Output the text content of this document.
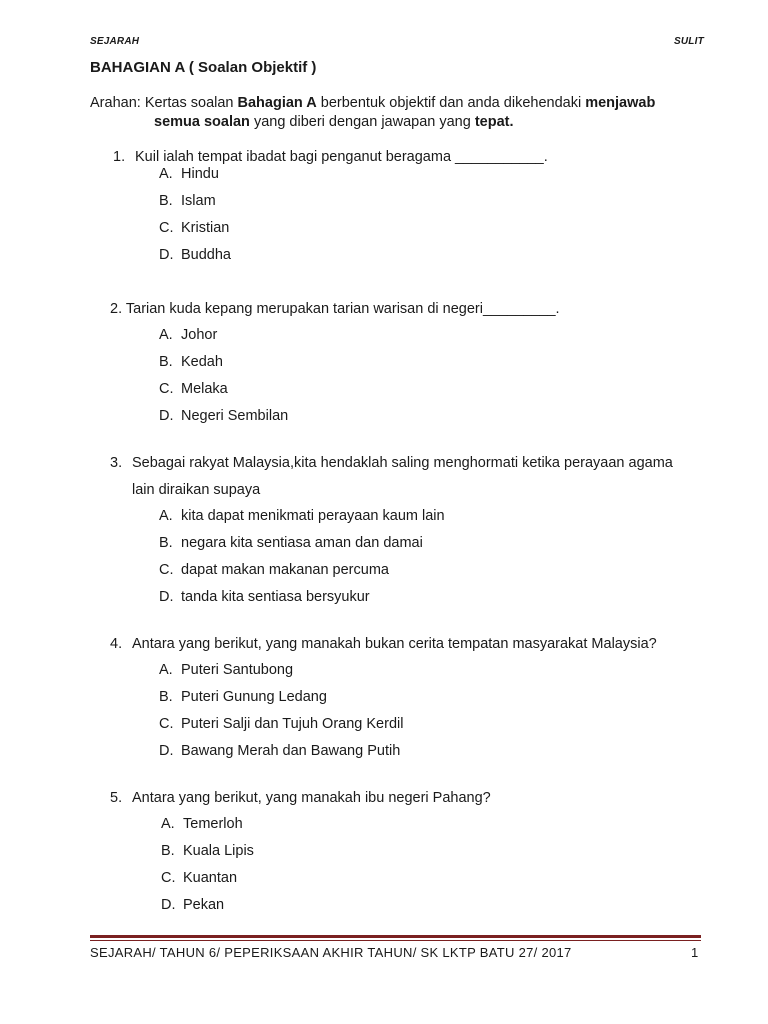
SEJARAH	SULIT
BAHAGIAN A ( Soalan Objektif )
Arahan: Kertas soalan Bahagian A berbentuk objektif dan anda dikehendaki menjawab
semua soalan yang diberi dengan jawapan yang tepat.
1. Kuil ialah tempat ibadat bagi penganut beragama ___________.
A. Hindu
B. Islam
C. Kristian
D. Buddha
2. Tarian kuda kepang merupakan tarian warisan di negeri_________.
A. Johor
B. Kedah
C. Melaka
D. Negeri Sembilan
3. Sebagai rakyat Malaysia,kita hendaklah saling menghormati ketika perayaan agama
lain diraikan supaya
A. kita dapat menikmati perayaan kaum lain
B. negara kita sentiasa aman dan damai
C. dapat makan makanan percuma
D. tanda kita sentiasa bersyukur
4. Antara yang berikut, yang manakah bukan cerita tempatan masyarakat Malaysia?
A. Puteri Santubong
B. Puteri Gunung Ledang
C. Puteri Salji dan Tujuh Orang Kerdil
D. Bawang Merah dan Bawang Putih
5. Antara yang berikut, yang manakah ibu negeri Pahang?
A. Temerloh
B. Kuala Lipis
C. Kuantan
D. Pekan
SEJARAH/ TAHUN 6/ PEPERIKSAAN AKHIR TAHUN/ SK LKTP BATU 27/ 2017	1
